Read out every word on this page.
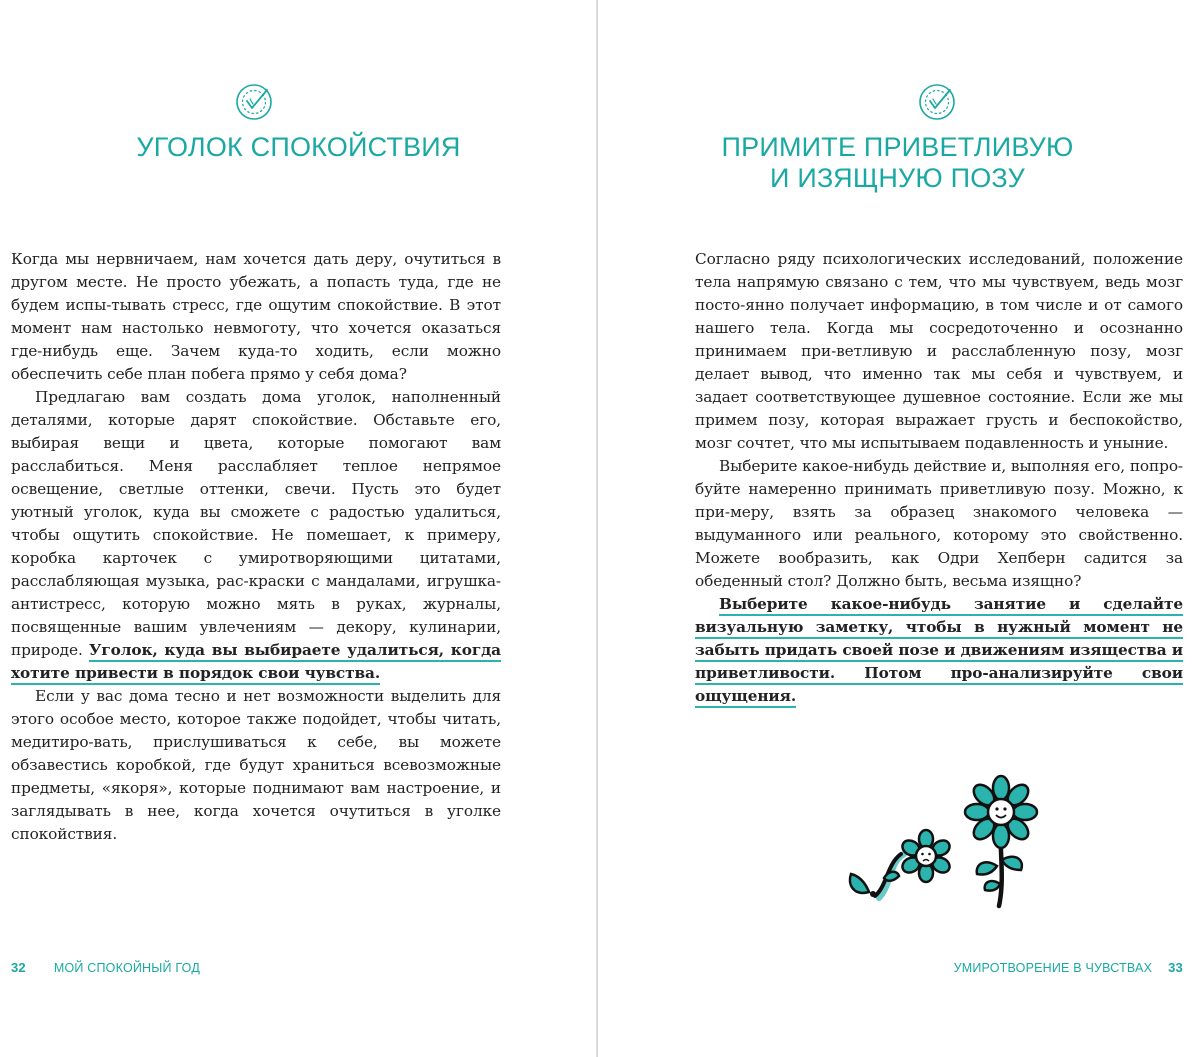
УГОЛОК СПОКОЙСТВИЯ

Когда мы нервничаем, нам хочется дать деру, очутиться в другом месте. Не просто убежать, а попасть туда, где не будем испы-тывать стресс, где ощутим спокойствие. В этот момент нам настолько невмоготу, что хочется оказаться где-нибудь еще. Зачем куда-то ходить, если можно обеспечить себе план побега прямо у себя дома?

Предлагаю вам создать дома уголок, наполненный деталями, которые дарят спокойствие. Обставьте его, выбирая вещи и цвета, которые помогают вам расслабиться. Меня расслабляет теплое непрямое освещение, светлые оттенки, свечи. Пусть это будет уютный уголок, куда вы сможете с радостью удалиться, чтобы ощутить спокойствие. Не помешает, к примеру, коробка карточек с умиротворяющими цитатами, расслабляющая музыка, рас-краски с мандалами, игрушка-антистресс, которую можно мять в руках, журналы, посвященные вашим увлечениям — декору, кулинарии, природе. Уголок, куда вы выбираете удалиться, когда хотите привести в порядок свои чувства.

Если у вас дома тесно и нет возможности выделить для этого особое место, которое также подойдет, чтобы читать, медитиро-вать, прислушиваться к себе, вы можете обзавестись коробкой, где будут храниться всевозможные предметы, «якоря», которые поднимают вам настроение, и заглядывать в нее, когда хочется очутиться в уголке спокойствия.

32 МОЙ СПОКОЙНЫЙ ГОД
ПРИМИТЕ ПРИВЕТЛИВУЮ
И ИЗЯЩНУЮ ПОЗУ

Согласно ряду психологических исследований, положение тела напрямую связано с тем, что мы чувствуем, ведь мозг посто-янно получает информацию, в том числе и от самого нашего тела. Когда мы сосредоточенно и осознанно принимаем при-ветливую и расслабленную позу, мозг делает вывод, что именно так мы себя и чувствуем, и задает соответствующее душевное состояние. Если же мы примем позу, которая выражает грусть и беспокойство, мозг сочтет, что мы испытываем подавленность и уныние.

Выберите какое-нибудь действие и, выполняя его, попро-буйте намеренно принимать приветливую позу. Можно, к при-меру, взять за образец знакомого человека — выдуманного или реального, которому это свойственно. Можете вообразить, как Одри Хепберн садится за обеденный стол? Должно быть, весьма изящно?

Выберите какое-нибудь занятие и сделайте визуальную заметку, чтобы в нужный момент не забыть придать своей позе и движениям изящества и приветливости. Потом про-анализируйте свои ощущения.

УМИРОТВОРЕНИЕ В ЧУВСТВАХ 33
